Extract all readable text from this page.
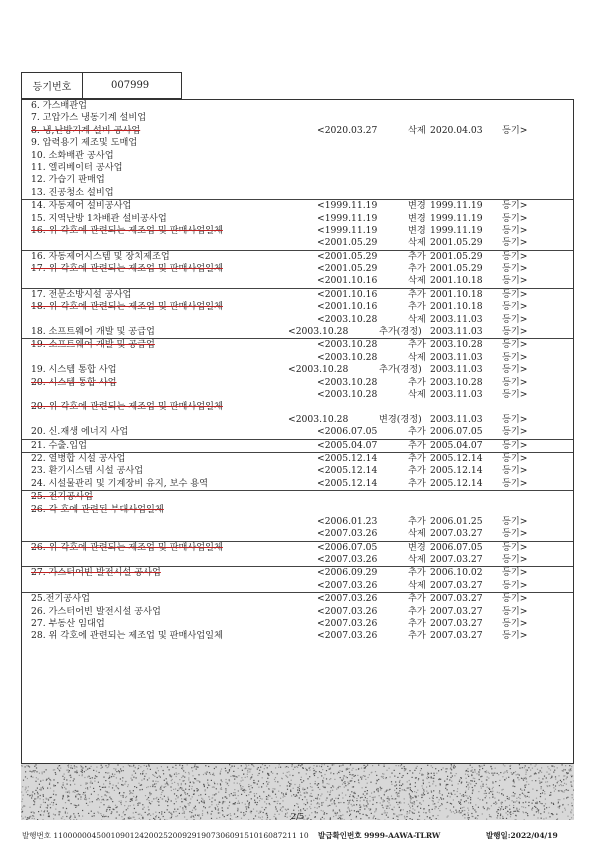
등기번호	007999
6. 가스배관업
7. 고압가스 냉동기계 설비업
8. 냉,난방기계 설비 공사업	<2020.03.27	삭제 2020.04.03 등기>
9. 압력용기 제조및 도매업
10. 소화배관 공사업
11. 엘리베이터 공사업
12. 가습기 판매업
13. 진공청소 설비업
14. 자동제어 설비공사업	<1999.11.19	변경 1999.11.19 등기>
15. 지역난방 1차배관 설비공사업	<1999.11.19	변경 1999.11.19 등기>
16. 위 각호에 관련되는 제조업 및 판매사업일체	<1999.11.19	변경 1999.11.19 등기>
<2001.05.29	삭제 2001.05.29 등기>
16. 자동제어시스템 및 장치제조업	<2001.05.29	추가 2001.05.29 등기>
17. 위 각호에 관련되는 제조업 및 판매사업일체	<2001.05.29	추가 2001.05.29 등기>
<2001.10.16	삭제 2001.10.18 등기>
17. 전문소방시설 공사업	<2001.10.16	추가 2001.10.18 등기>
18. 위 각호에 관련되는 제조업 및 판매사업일체	<2001.10.16	추가 2001.10.18 등기>
<2003.10.28	삭제 2003.11.03 등기>
18. 소프트웨어 개발 및 공급업	<2003.10.28	추가(경정) 2003.11.03 등기>
19. 소프트웨어 개발 및 공급업	<2003.10.28	추가 2003.10.28 등기>
<2003.10.28	삭제 2003.11.03 등기>
19. 시스템 통합 사업	<2003.10.28	추가(경정) 2003.11.03 등기>
20. 시스템 통합 사업	<2003.10.28	추가 2003.10.28 등기>
<2003.10.28	삭제 2003.11.03 등기>
20. 위 각호에 관련되는 제조업 및 판매사업일체
<2003.10.28	변경(경정) 2003.11.03 등기>
20. 신.재생 에너지 사업	<2006.07.05	추가 2006.07.05 등기>
21. 수출.입업	<2005.04.07	추가 2005.04.07 등기>
22. 열병합 시설 공사업	<2005.12.14	추가 2005.12.14 등기>
23. 환기시스템 시설 공사업	<2005.12.14	추가 2005.12.14 등기>
24. 시설물관리 및 기계장비 유지, 보수 용역	<2005.12.14	추가 2005.12.14 등기>
25. 전기공사업
26. 각 호에 관련된 부대사업일체
<2006.01.23	추가 2006.01.25 등기>
<2007.03.26	삭제 2007.03.27 등기>
26. 위 각호에 관련되는 제조업 및 판매사업일체	<2006.07.05	변경 2006.07.05 등기>
<2007.03.26	삭제 2007.03.27 등기>
27. 가스터어빈 발전시설 공사업	<2006.09.29	추가 2006.10.02 등기>
<2007.03.26	삭제 2007.03.27 등기>
25.전기공사업	<2007.03.26	추가 2007.03.27 등기>
26. 가스터어빈 발전시설 공사업	<2007.03.26	추가 2007.03.27 등기>
27. 부동산 임대업	<2007.03.26	추가 2007.03.27 등기>
28. 위 각호에 관련되는 제조업 및 판매사업일체	<2007.03.26	추가 2007.03.27 등기>
2/5
발행번호 110000004500109012420025200929190730609151016087211 10 발급확인번호 9999-AAWA-TLRW	발행일:2022/04/19
